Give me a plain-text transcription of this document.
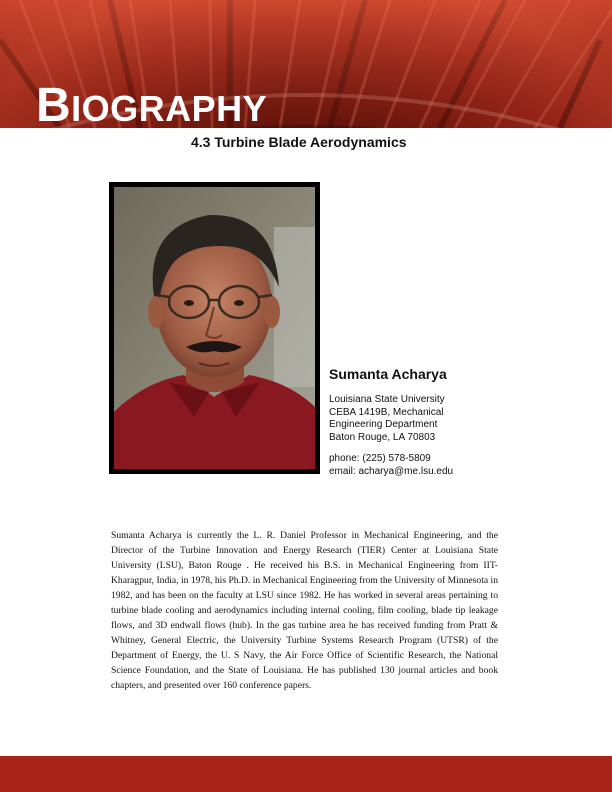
BIOGRAPHY
4.3 Turbine Blade Aerodynamics

Sumanta Acharya

Louisiana State University

CEBA 1419B, Mechanical

Engineering Department

Baton Rouge, LA 70803

phone: (225) 578-5809

email: acharya@me.lsu.edu

Sumanta Acharya is currently the L. R. Daniel Professor in Mechanical Engineering, and the Director of the Turbine Innovation and Energy Research (TIER) Center at Louisiana State University (LSU), Baton Rouge . He received his B.S. in Mechanical Engineering from IIT-Kharagpur, India, in 1978, his Ph.D. in Mechanical Engineering from the University of Minnesota in 1982, and has been on the faculty at LSU since 1982. He has worked in several areas pertaining to turbine blade cooling and aerodynamics including internal cooling, film cooling, blade tip leakage flows, and 3D endwall flows (hub). In the gas turbine area he has received funding from Pratt & Whitney, General Electric, the University Turbine Systems Research Program (UTSR) of the Department of Energy, the U. S Navy, the Air Force Office of Scientific Research, the National Science Foundation, and the State of Louisiana. He has published 130 journal articles and book chapters, and presented over 160 conference papers.
